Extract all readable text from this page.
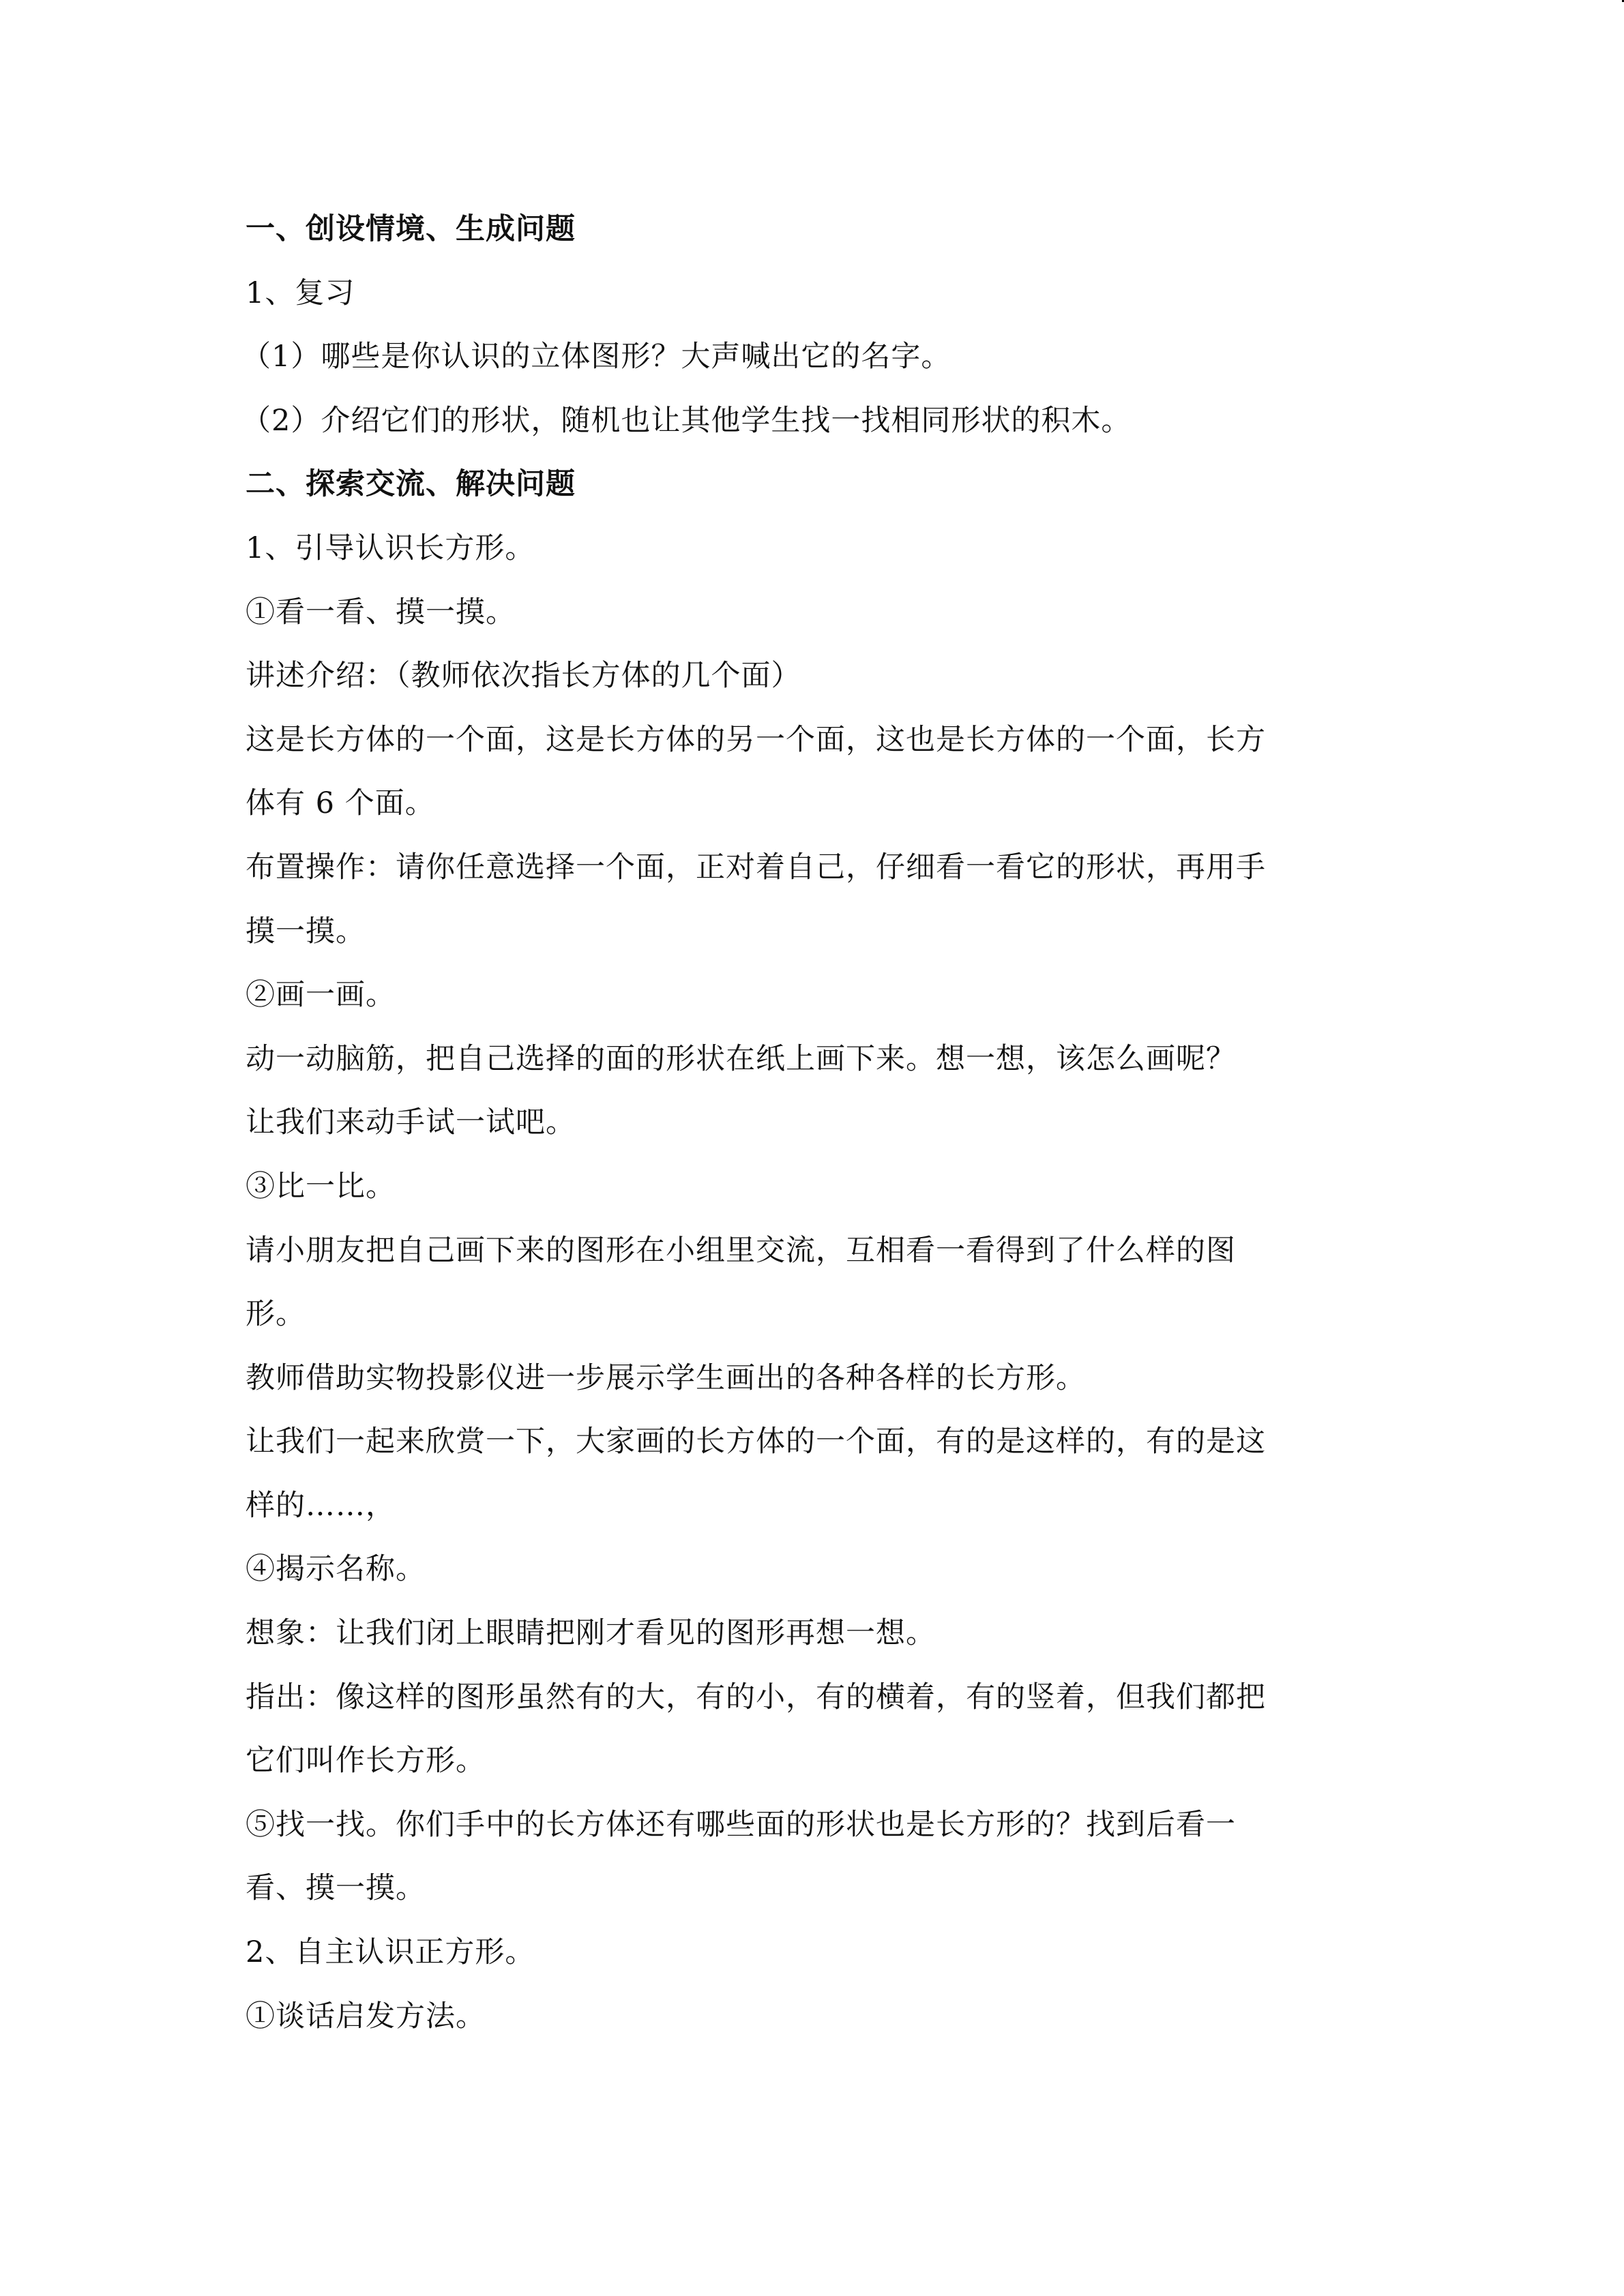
一、创设情境、生成问题
1、复习
（1）哪些是你认识的立体图形？大声喊出它的名字。
（2）介绍它们的形状，随机也让其他学生找一找相同形状的积木。
二、探索交流、解决问题
1、引导认识长方形。
①看一看、摸一摸。
讲述介绍：（教师依次指长方体的几个面）
这是长方体的一个面，这是长方体的另一个面，这也是长方体的一个面，长方
体有 6 个面。
布置操作：请你任意选择一个面，正对着自己，仔细看一看它的形状，再用手
摸一摸。
②画一画。
动一动脑筋，把自己选择的面的形状在纸上画下来。想一想，该怎么画呢？
让我们来动手试一试吧。
③比一比。
请小朋友把自己画下来的图形在小组里交流，互相看一看得到了什么样的图
形。
教师借助实物投影仪进一步展示学生画出的各种各样的长方形。
让我们一起来欣赏一下，大家画的长方体的一个面，有的是这样的，有的是这
样的……，
④揭示名称。
想象：让我们闭上眼睛把刚才看见的图形再想一想。
指出：像这样的图形虽然有的大，有的小，有的横着，有的竖着，但我们都把
它们叫作长方形。
⑤找一找。你们手中的长方体还有哪些面的形状也是长方形的？找到后看一
看、摸一摸。
2、自主认识正方形。
①谈话启发方法。
